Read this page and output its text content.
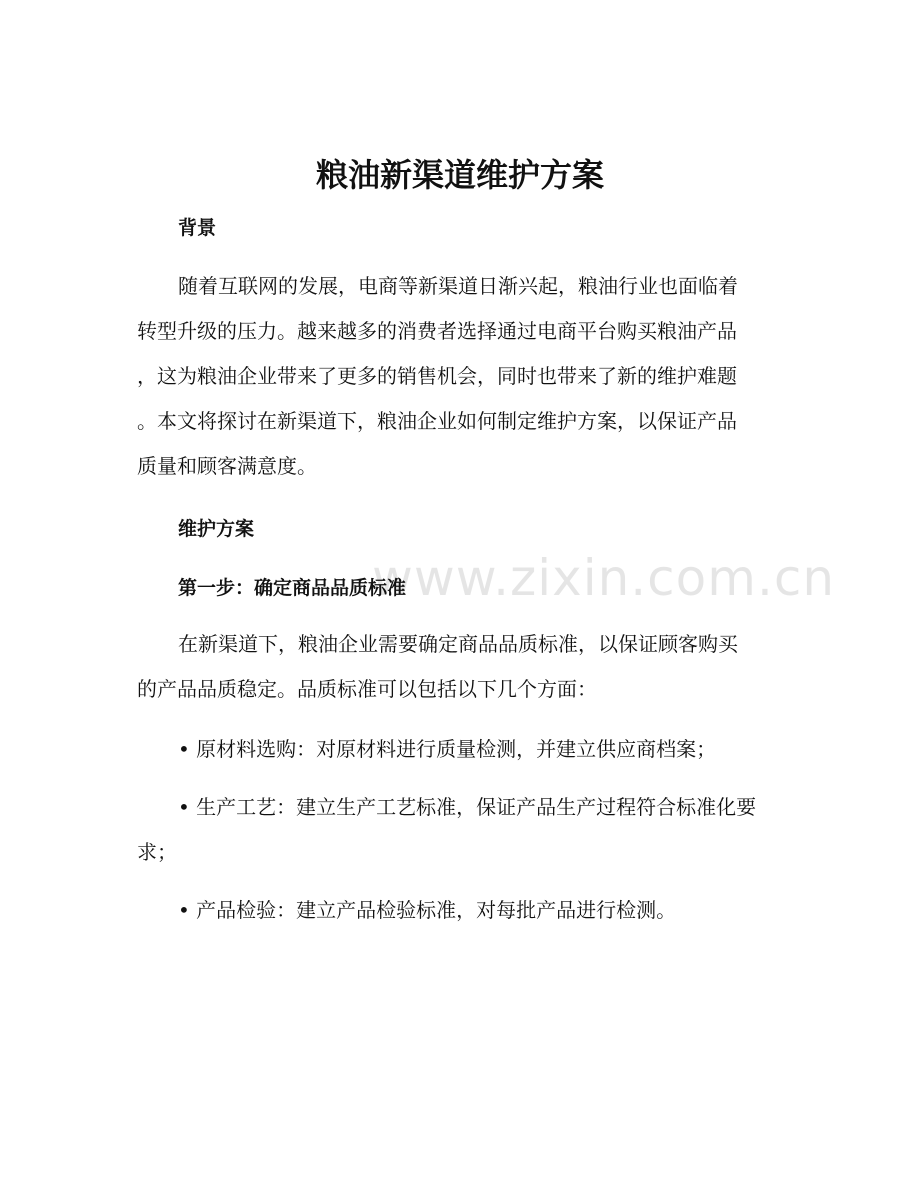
www.zixin.com.cn
粮油新渠道维护方案
背景

随着互联网的发展，电商等新渠道日渐兴起，粮油行业也面临着
转型升级的压力。越来越多的消费者选择通过电商平台购买粮油产品
，这为粮油企业带来了更多的销售机会，同时也带来了新的维护难题
。本文将探讨在新渠道下，粮油企业如何制定维护方案，以保证产品
质量和顾客满意度。

维护方案
第一步：确定商品品质标准

在新渠道下，粮油企业需要确定商品品质标准，以保证顾客购买
的产品品质稳定。品质标准可以包括以下几个方面：

• 原材料选购：对原材料进行质量检测，并建立供应商档案；

• 生产工艺：建立生产工艺标准，保证产品生产过程符合标准化要
求；

• 产品检验：建立产品检验标准，对每批产品进行检测。
